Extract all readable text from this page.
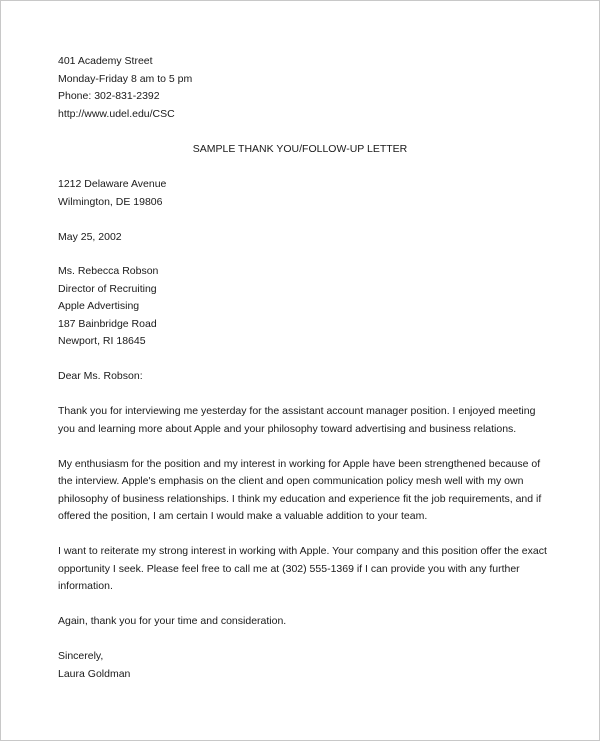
401 Academy Street
Monday-Friday 8 am to 5 pm
Phone: 302-831-2392
http://www.udel.edu/CSC
SAMPLE THANK YOU/FOLLOW-UP LETTER
1212 Delaware Avenue
Wilmington, DE 19806
May 25, 2002
Ms. Rebecca Robson
Director of Recruiting
Apple Advertising
187 Bainbridge Road
Newport, RI 18645
Dear Ms. Robson:
Thank you for interviewing me yesterday for the assistant account manager position. I enjoyed meeting
you and learning more about Apple and your philosophy toward advertising and business relations.
My enthusiasm for the position and my interest in working for Apple have been strengthened because of
the interview. Apple's emphasis on the client and open communication policy mesh well with my own
philosophy of business relationships. I think my education and experience fit the job requirements, and if
offered the position, I am certain I would make a valuable addition to your team.
I want to reiterate my strong interest in working with Apple. Your company and this position offer the exact
opportunity I seek. Please feel free to call me at (302) 555-1369 if I can provide you with any further
information.
Again, thank you for your time and consideration.
Sincerely,
Laura Goldman
